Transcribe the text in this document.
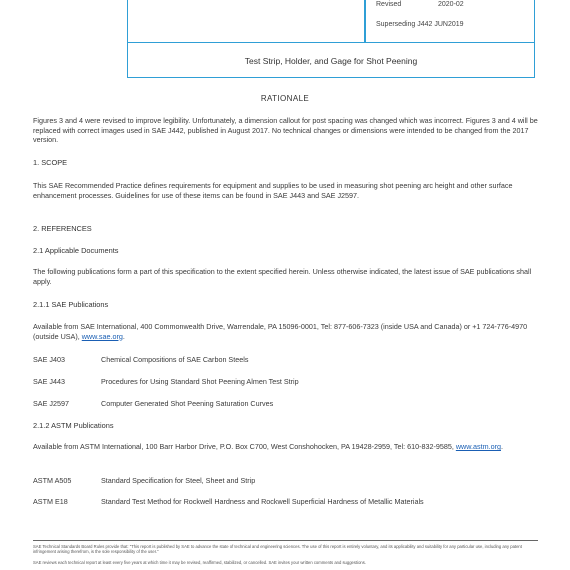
Revised	2020-02
Superseding J442 JUN2019
Test Strip, Holder, and Gage for Shot Peening
RATIONALE
Figures 3 and 4 were revised to improve legibility. Unfortunately, a dimension callout for post spacing was changed which was incorrect. Figures 3 and 4 will be replaced with correct images used in SAE J442, published in August 2017. No technical changes or dimensions were intended to be changed from the 2017 version.
1. SCOPE
This SAE Recommended Practice defines requirements for equipment and supplies to be used in measuring shot peening arc height and other surface enhancement processes. Guidelines for use of these items can be found in SAE J443 and SAE J2597.
2. REFERENCES
2.1 Applicable Documents
The following publications form a part of this specification to the extent specified herein. Unless otherwise indicated, the latest issue of SAE publications shall apply.
2.1.1 SAE Publications
Available from SAE International, 400 Commonwealth Drive, Warrendale, PA 15096-0001, Tel: 877-606-7323 (inside USA and Canada) or +1 724-776-4970 (outside USA), www.sae.org.
SAE J403	Chemical Compositions of SAE Carbon Steels
SAE J443	Procedures for Using Standard Shot Peening Almen Test Strip
SAE J2597	Computer Generated Shot Peening Saturation Curves
2.1.2 ASTM Publications
Available from ASTM International, 100 Barr Harbor Drive, P.O. Box C700, West Conshohocken, PA 19428-2959, Tel: 610-832-9585, www.astm.org.
ASTM A505	Standard Specification for Steel, Sheet and Strip
ASTM E18	Standard Test Method for Rockwell Hardness and Rockwell Superficial Hardness of Metallic Materials
SAE Technical Standards Board Rules provide that: "This report is published by SAE to advance the state of technical and engineering sciences. The use of this report is entirely voluntary, and its applicability and suitability for any particular use, including any patent infringement arising therefrom, is the sole responsibility of the user."
SAE reviews each technical report at least every five years at which time it may be revised, reaffirmed, stabilized, or cancelled. SAE invites your written comments and suggestions.
